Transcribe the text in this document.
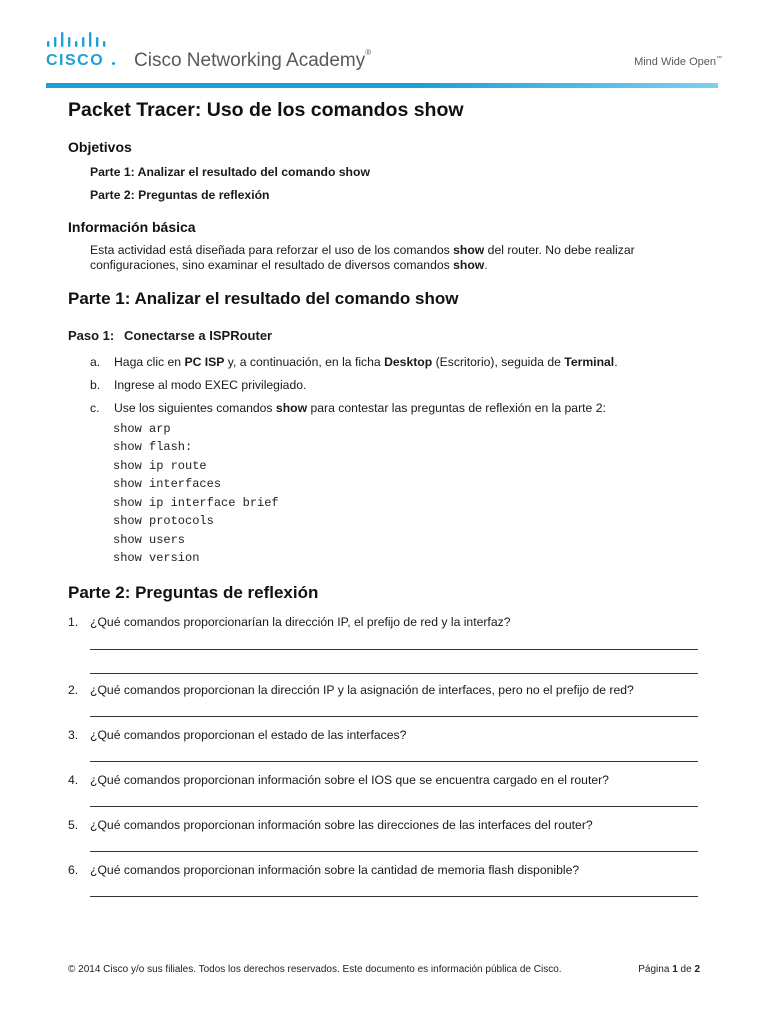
CISCO Cisco Networking Academy®
Mind Wide Open™
Packet Tracer: Uso de los comandos show
Objetivos

Parte 1: Analizar el resultado del comando show

Parte 2: Preguntas de reflexión

Información básica

Esta actividad está diseñada para reforzar el uso de los comandos show del router. No debe realizar configuraciones, sino examinar el resultado de diversos comandos show.

Parte 1: Analizar el resultado del comando show

Paso 1: Conectarse a ISPRouter

a. Haga clic en PC ISP y, a continuación, en la ficha Desktop (Escritorio), seguida de Terminal.

b. Ingrese al modo EXEC privilegiado.

c. Use los siguientes comandos show para contestar las preguntas de reflexión en la parte 2:

show arp
show flash:
show ip route
show interfaces
show ip interface brief
show protocols
show users
show version
Parte 2: Preguntas de reflexión

1. ¿Qué comandos proporcionarían la dirección IP, el prefijo de red y la interfaz?

2. ¿Qué comandos proporcionan la dirección IP y la asignación de interfaces, pero no el prefijo de red?

3. ¿Qué comandos proporcionan el estado de las interfaces?

4. ¿Qué comandos proporcionan información sobre el IOS que se encuentra cargado en el router?

5. ¿Qué comandos proporcionan información sobre las direcciones de las interfaces del router?

6. ¿Qué comandos proporcionan información sobre la cantidad de memoria flash disponible?

© 2014 Cisco y/o sus filiales. Todos los derechos reservados. Este documento es información pública de Cisco.	Página 1 de 2
